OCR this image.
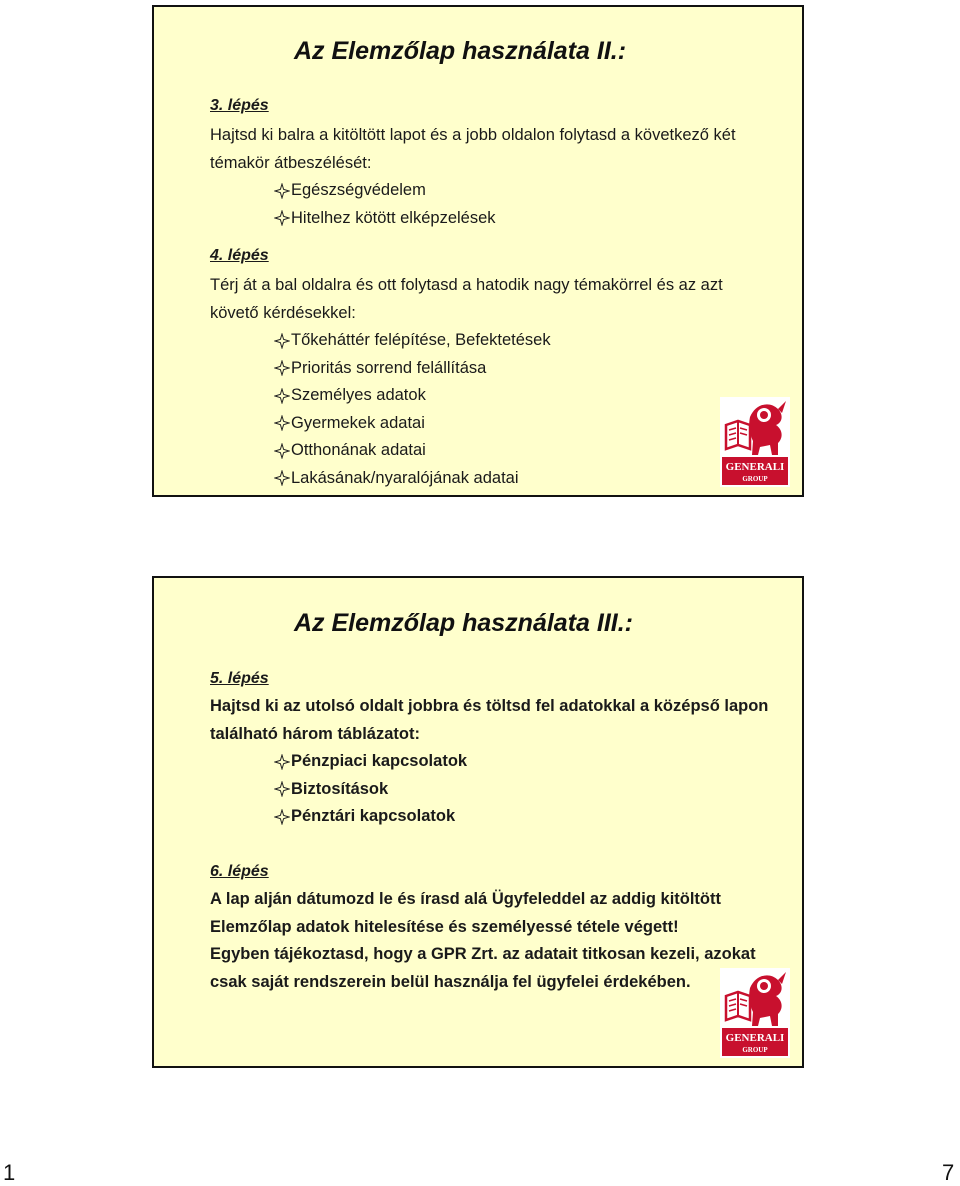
Az Elemzőlap használata II.:
3. lépés
Hajtsd ki balra a kitöltött lapot és a jobb oldalon folytasd a következő két
témakör átbeszélését:
Egészségvédelem
Hitelhez kötött elképzelések
4. lépés
Térj át a bal oldalra és ott folytasd a hatodik nagy témakörrel és az azt
követő kérdésekkel:
Tőkeháttér felépítése, Befektetések
Prioritás sorrend felállítása
Személyes adatok
Gyermekek adatai
Otthonának adatai
Lakásának/nyaralójának adatai
GENERALI
GROUP
Az Elemzőlap használata III.:
5. lépés
Hajtsd ki az utolsó oldalt jobbra és töltsd fel adatokkal a középső lapon
található három táblázatot:
Pénzpiaci kapcsolatok
Biztosítások
Pénztári kapcsolatok
6. lépés
A lap alján dátumozd le és írasd alá Ügyfeleddel az addig kitöltött
Elemzőlap adatok hitelesítése és személyessé tétele végett!
Egyben tájékoztasd, hogy a GPR Zrt. az adatait titkosan kezeli, azokat
csak saját rendszerein belül használja fel ügyfelei érdekében.
GENERALI
GROUP
1	7
